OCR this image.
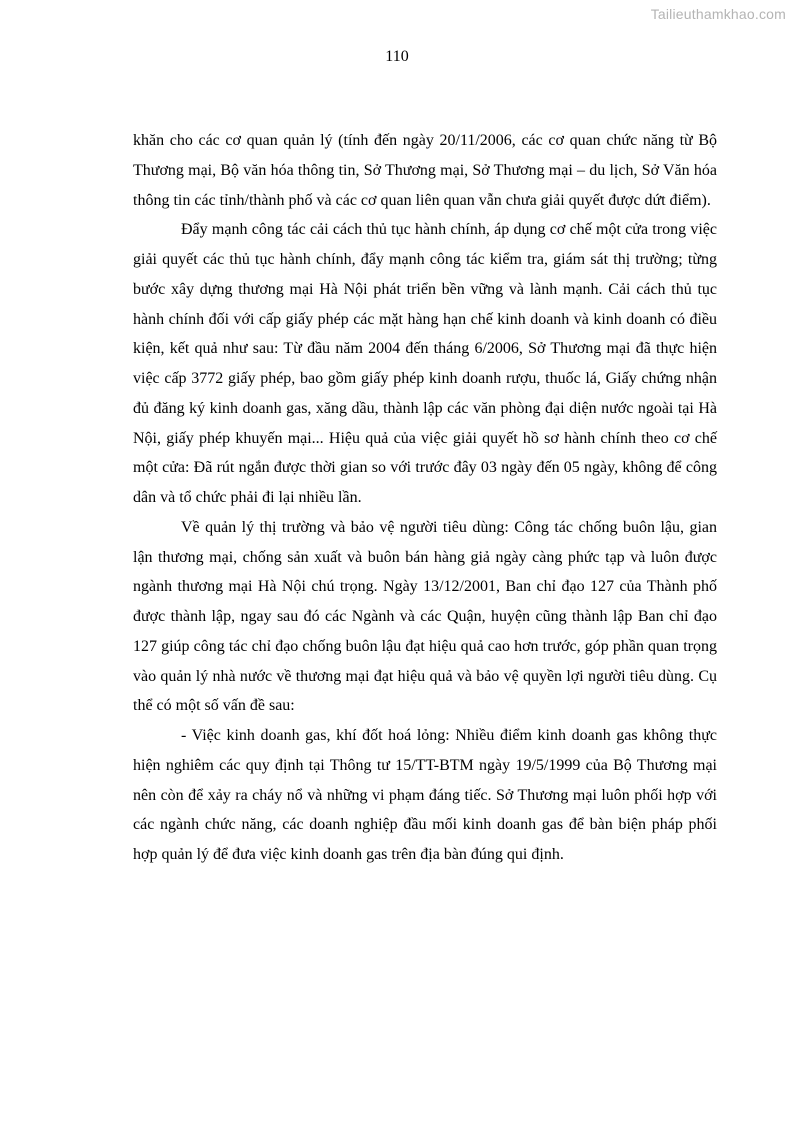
Tailieuthamkhao.com
110

khăn cho các cơ quan quản lý (tính đến ngày 20/11/2006, các cơ quan chức năng từ Bộ Thương mại, Bộ văn hóa thông tin, Sở Thương mại, Sở Thương mại – du lịch, Sở Văn hóa thông tin các tỉnh/thành phố và các cơ quan liên quan vẫn chưa giải quyết được dứt điểm).

Đẩy mạnh công tác cải cách thủ tục hành chính, áp dụng cơ chế một cửa trong việc giải quyết các thủ tục hành chính, đẩy mạnh công tác kiểm tra, giám sát thị trường; từng bước xây dựng thương mại Hà Nội phát triển bền vững và lành mạnh. Cải cách thủ tục hành chính đối với cấp giấy phép các mặt hàng hạn chế kinh doanh và kinh doanh có điều kiện, kết quả như sau: Từ đầu năm 2004 đến tháng 6/2006, Sở Thương mại đã thực hiện việc cấp 3772 giấy phép, bao gồm giấy phép kinh doanh rượu, thuốc lá, Giấy chứng nhận đủ đăng ký kinh doanh gas, xăng dầu, thành lập các văn phòng đại diện nước ngoài tại Hà Nội, giấy phép khuyến mại... Hiệu quả của việc giải quyết hồ sơ hành chính theo cơ chế một cửa: Đã rút ngắn được thời gian so với trước đây 03 ngày đến 05 ngày, không để công dân và tổ chức phải đi lại nhiều lần.

Về quản lý thị trường và bảo vệ người tiêu dùng: Công tác chống buôn lậu, gian lận thương mại, chống sản xuất và buôn bán hàng giả ngày càng phức tạp và luôn được ngành thương mại Hà Nội chú trọng. Ngày 13/12/2001, Ban chỉ đạo 127 của Thành phố được thành lập, ngay sau đó các Ngành và các Quận, huyện cũng thành lập Ban chỉ đạo 127 giúp công tác chỉ đạo chống buôn lậu đạt hiệu quả cao hơn trước, góp phần quan trọng vào quản lý nhà nước về thương mại đạt hiệu quả và bảo vệ quyền lợi người tiêu dùng. Cụ thể có một số vấn đề sau:

- Việc kinh doanh gas, khí đốt hoá lỏng: Nhiều điểm kinh doanh gas không thực hiện nghiêm các quy định tại Thông tư 15/TT-BTM ngày 19/5/1999 của Bộ Thương mại nên còn để xảy ra cháy nổ và những vi phạm đáng tiếc. Sở Thương mại luôn phối hợp với các ngành chức năng, các doanh nghiệp đầu mối kinh doanh gas để bàn biện pháp phối hợp quản lý để đưa việc kinh doanh gas trên địa bàn đúng qui định.
